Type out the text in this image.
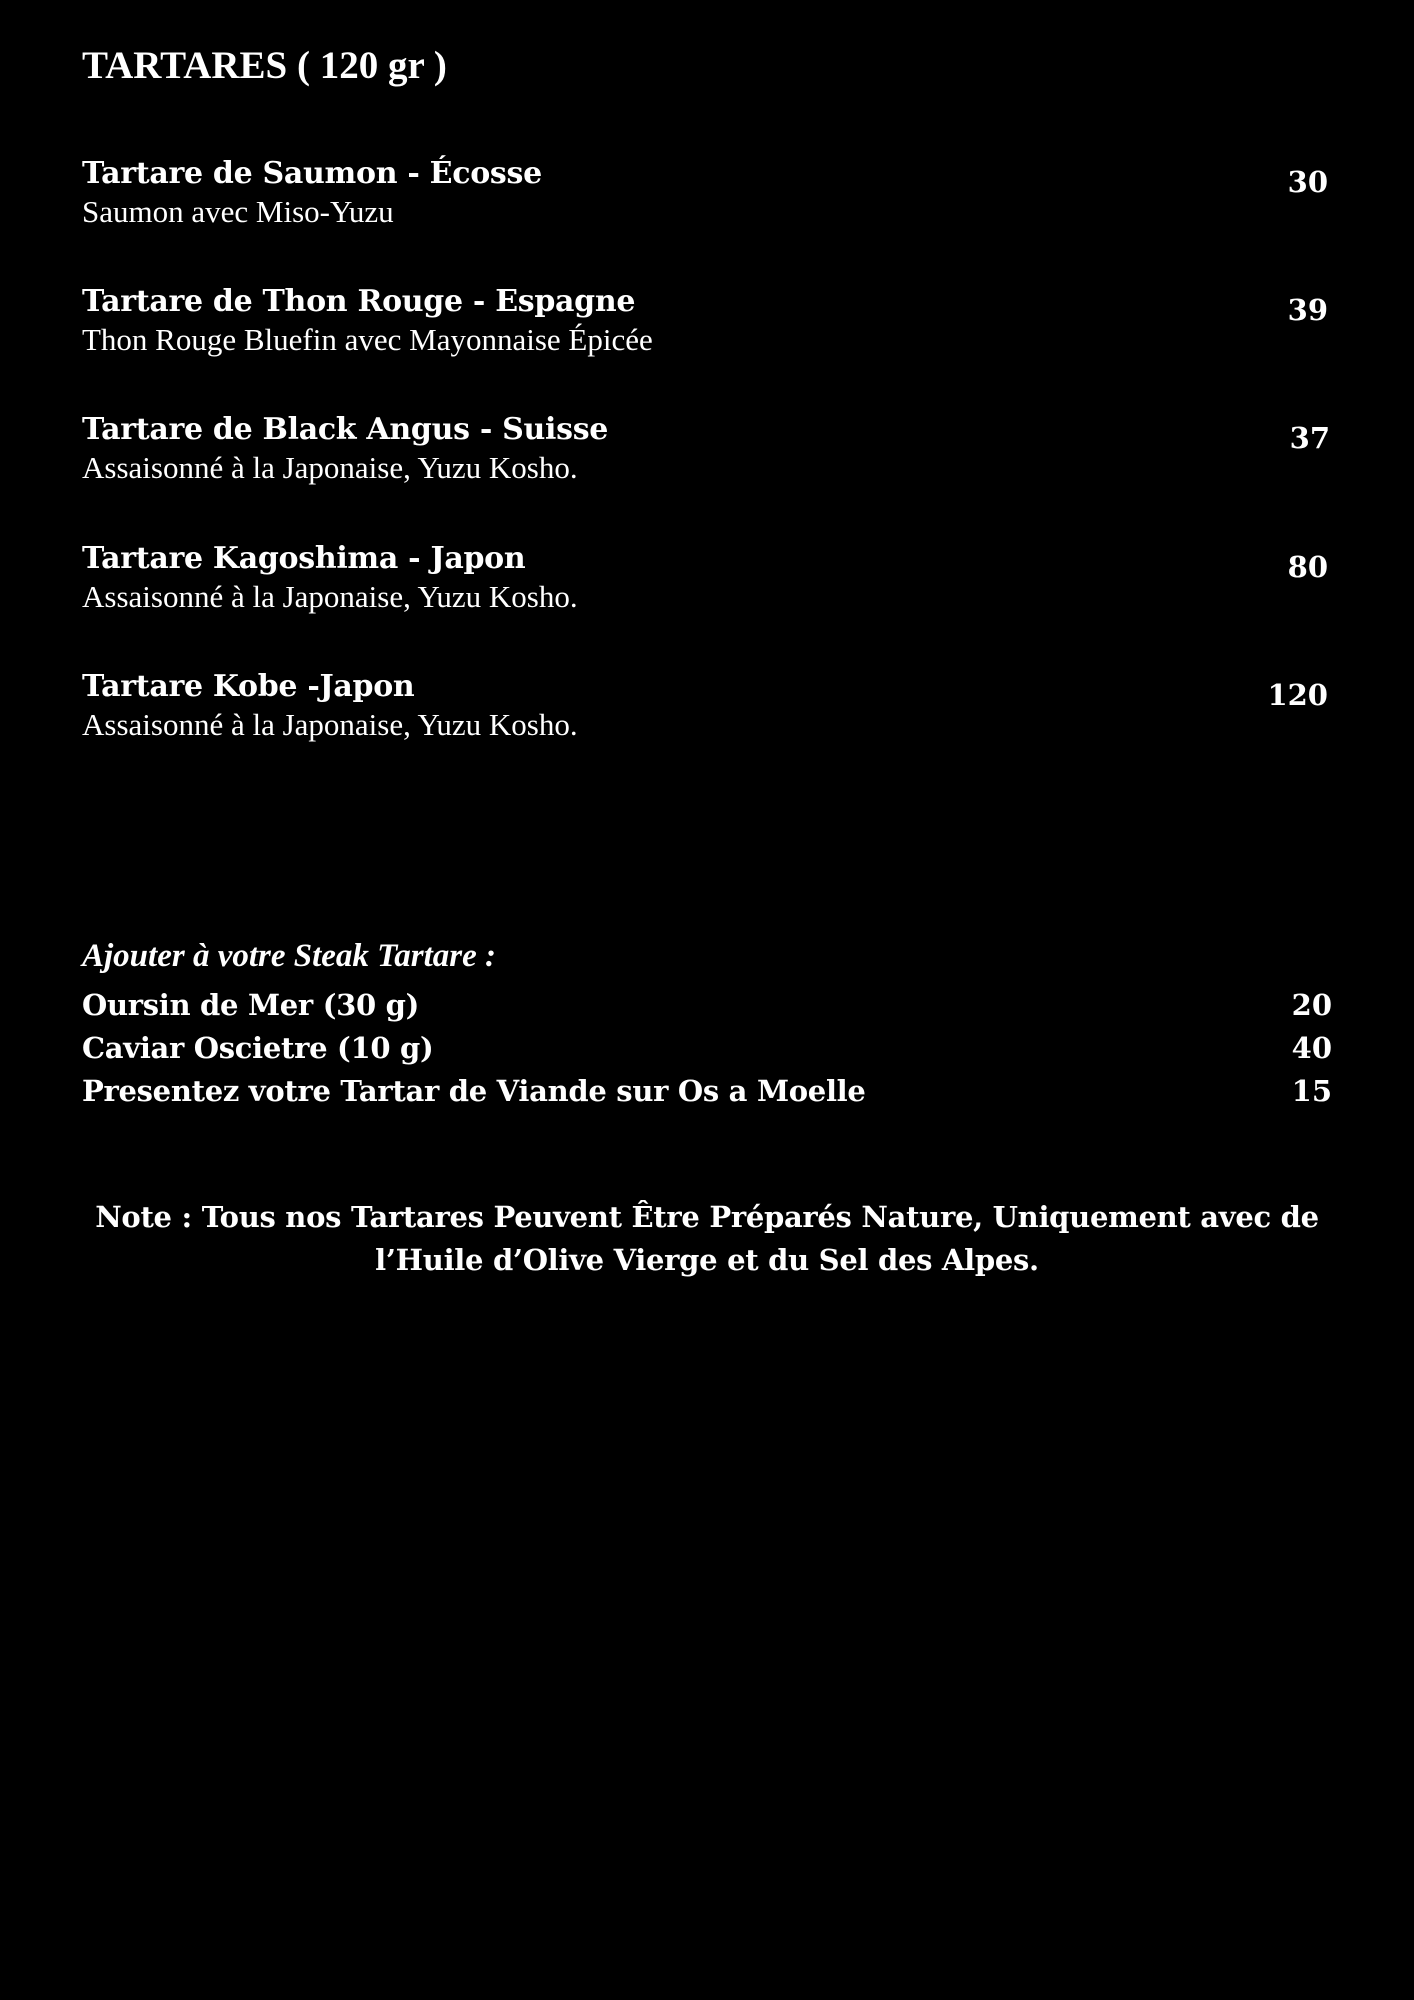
TARTARES ( 120 gr )
Tartare de Saumon - Écosse
Saumon avec Miso-Yuzu
30
Tartare de Thon Rouge - Espagne
Thon Rouge Bluefin avec Mayonnaise Épicée
39
Tartare de Black Angus - Suisse
Assaisonné à la Japonaise, Yuzu Kosho.
37
Tartare Kagoshima - Japon
Assaisonné à la Japonaise, Yuzu Kosho.
80
Tartare Kobe -Japon
Assaisonné à la Japonaise, Yuzu Kosho.
120
Ajouter à votre Steak Tartare :
Oursin de Mer (30 g)	20
Caviar Oscietre (10 g)	40
Presentez votre Tartar de Viande sur Os a Moelle	15
Note : Tous nos Tartares Peuvent Être Préparés Nature, Uniquement avec de
l’Huile d’Olive Vierge et du Sel des Alpes.
